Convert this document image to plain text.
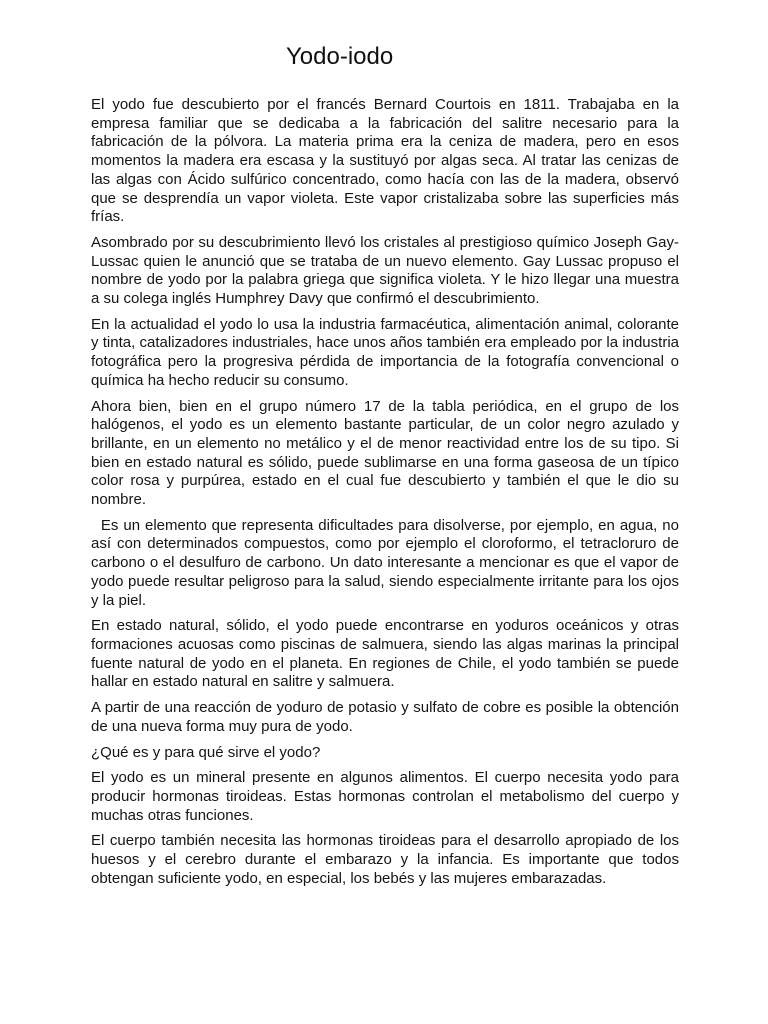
Yodo-iodo

El yodo fue descubierto por el francés Bernard Courtois en 1811. Trabajaba en la empresa familiar que se dedicaba a la fabricación del salitre necesario para la fabricación de la pólvora. La materia prima era la ceniza de madera, pero en esos momentos la madera era escasa y la sustituyó por algas seca. Al tratar las cenizas de las algas con Ácido sulfúrico concentrado, como hacía con las de la madera, observó que se desprendía un vapor violeta. Este vapor cristalizaba sobre las superficies más frías.

Asombrado por su descubrimiento llevó los cristales al prestigioso químico Joseph Gay-Lussac quien le anunció que se trataba de un nuevo elemento. Gay Lussac propuso el nombre de yodo por la palabra griega que significa violeta. Y le hizo llegar una muestra a su colega inglés Humphrey Davy que confirmó el descubrimiento.

En la actualidad el yodo lo usa la industria farmacéutica, alimentación animal, colorante y tinta, catalizadores industriales, hace unos años también era empleado por la industria fotográfica pero la progresiva pérdida de importancia de la fotografía convencional o química ha hecho reducir su consumo.

Ahora bien, bien en el grupo número 17 de la tabla periódica, en el grupo de los halógenos, el yodo es un elemento bastante particular, de un color negro azulado y brillante, en un elemento no metálico y el de menor reactividad entre los de su tipo. Si bien en estado natural es sólido, puede sublimarse en una forma gaseosa de un típico color rosa y purpúrea, estado en el cual fue descubierto y también el que le dio su nombre.

Es un elemento que representa dificultades para disolverse, por ejemplo, en agua, no así con determinados compuestos, como por ejemplo el cloroformo, el tetracloruro de carbono o el desulfuro de carbono. Un dato interesante a mencionar es que el vapor de yodo puede resultar peligroso para la salud, siendo especialmente irritante para los ojos y la piel.

En estado natural, sólido, el yodo puede encontrarse en yoduros oceánicos y otras formaciones acuosas como piscinas de salmuera, siendo las algas marinas la principal fuente natural de yodo en el planeta. En regiones de Chile, el yodo también se puede hallar en estado natural en salitre y salmuera.

A partir de una reacción de yoduro de potasio y sulfato de cobre es posible la obtención de una nueva forma muy pura de yodo.

¿Qué es y para qué sirve el yodo?

El yodo es un mineral presente en algunos alimentos. El cuerpo necesita yodo para producir hormonas tiroideas. Estas hormonas controlan el metabolismo del cuerpo y muchas otras funciones.

El cuerpo también necesita las hormonas tiroideas para el desarrollo apropiado de los huesos y el cerebro durante el embarazo y la infancia. Es importante que todos obtengan suficiente yodo, en especial, los bebés y las mujeres embarazadas.
